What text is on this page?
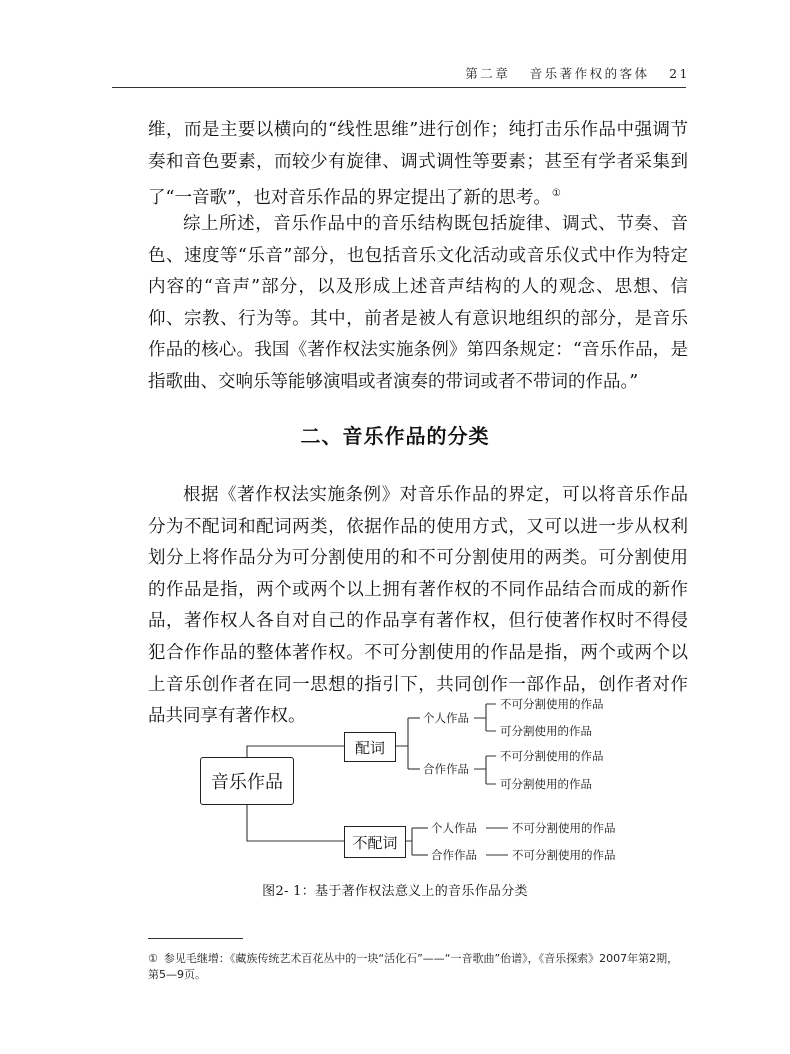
第二章 音乐著作权的客体 21
维，而是主要以横向的“线性思维”进行创作；纯打击乐作品中强调节奏和音色要素，而较少有旋律、调式调性等要素；甚至有学者采集到了“一音歌”，也对音乐作品的界定提出了新的思考。①
综上所述，音乐作品中的音乐结构既包括旋律、调式、节奏、音色、速度等“乐音”部分，也包括音乐文化活动或音乐仪式中作为特定内容的“音声”部分，以及形成上述音声结构的人的观念、思想、信仰、宗教、行为等。其中，前者是被人有意识地组织的部分，是音乐作品的核心。我国《著作权法实施条例》第四条规定：“音乐作品，是指歌曲、交响乐等能够演唱或者演奏的带词或者不带词的作品。”
二、音乐作品的分类
根据《著作权法实施条例》对音乐作品的界定，可以将音乐作品分为不配词和配词两类，依据作品的使用方式，又可以进一步从权利划分上将作品分为可分割使用的和不可分割使用的两类。可分割使用的作品是指，两个或两个以上拥有著作权的不同作品结合而成的新作品，著作权人各自对自己的作品享有著作权，但行使著作权时不得侵犯合作作品的整体著作权。不可分割使用的作品是指，两个或两个以上音乐创作者在同一思想的指引下，共同创作一部作品，创作者对作品共同享有著作权。
音乐作品
配词
不配词
个人作品
合作作品
不可分割使用的作品
可分割使用的作品
不可分割使用的作品
可分割使用的作品
个人作品
合作作品
不可分割使用的作品
不可分割使用的作品
图2- 1：基于著作权法意义上的音乐作品分类
① 参见毛继增：《藏族传统艺术百花丛中的一块“活化石”——“一音歌曲”佁谱》，《音乐探索》2007年第2期，第5—9页。
